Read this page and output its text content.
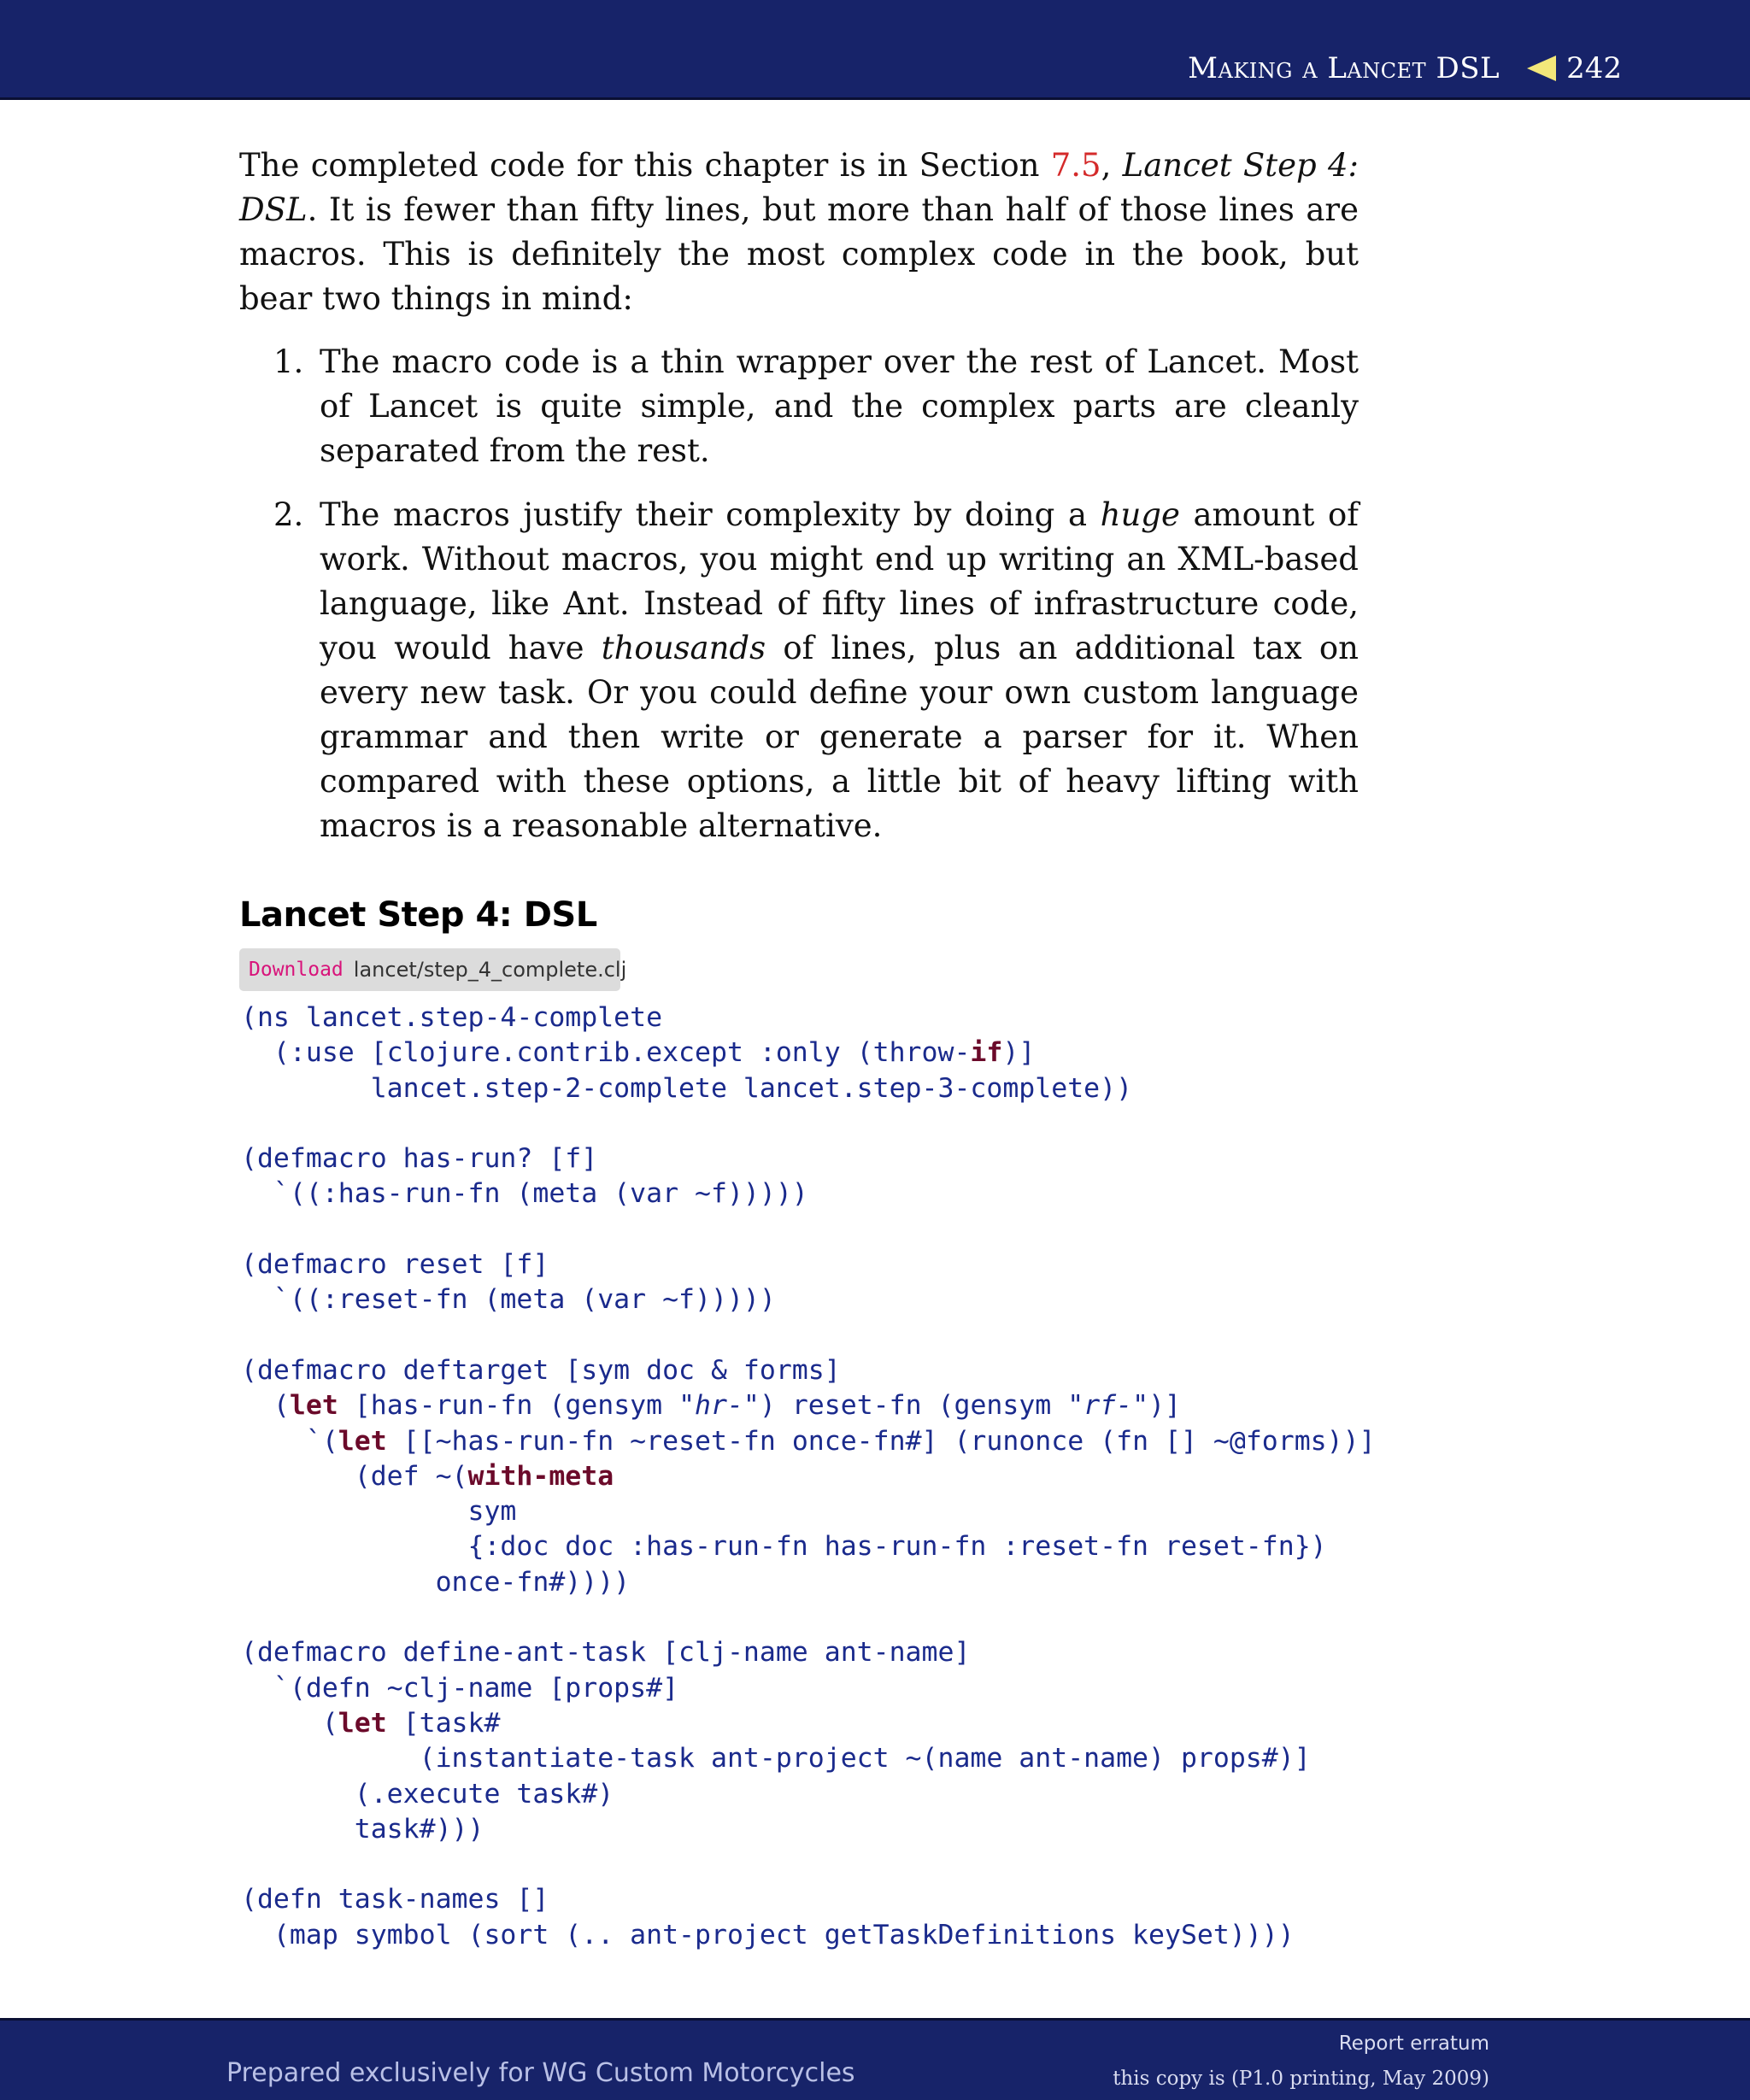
Making a Lancet DSL 242

The completed code for this chapter is in Section 7.5, Lancet Step 4: DSL. It is fewer than fifty lines, but more than half of those lines are macros. This is definitely the most complex code in the book, but bear two things in mind:

1. The macro code is a thin wrapper over the rest of Lancet. Most of Lancet is quite simple, and the complex parts are cleanly separated from the rest.
2. The macros justify their complexity by doing a huge amount of work. Without macros, you might end up writing an XML-based language, like Ant. Instead of fifty lines of infrastructure code, you would have thousands of lines, plus an additional tax on every new task. Or you could define your own custom language grammar and then write or generate a parser for it. When compared with these options, a little bit of heavy lifting with macros is a reasonable alternative.
Lancet Step 4: DSL
Download lancet/step_4_complete.clj
(ns lancet.step-4-complete
(:use [clojure.contrib.except :only (throw-if)]
lancet.step-2-complete lancet.step-3-complete))

(defmacro has-run? [f]
`((:has-run-fn (meta (var ~f)))))

(defmacro reset [f]
`((:reset-fn (meta (var ~f)))))

(defmacro deftarget [sym doc & forms]
(let [has-run-fn (gensym "hr-") reset-fn (gensym "rf-")]
`(let [[~has-run-fn ~reset-fn once-fn#] (runonce (fn [] ~@forms))]
(def ~(with-meta
sym
{:doc doc :has-run-fn has-run-fn :reset-fn reset-fn})
once-fn#))))

(defmacro define-ant-task [clj-name ant-name]
`(defn ~clj-name [props#]
(let [task#
(instantiate-task ant-project ~(name ant-name) props#)]
(.execute task#)
task#)))

(defn task-names []
(map symbol (sort (.. ant-project getTaskDefinitions keySet))))
Prepared exclusively for WG Custom Motorcycles
Report erratum
this copy is (P1.0 printing, May 2009)
